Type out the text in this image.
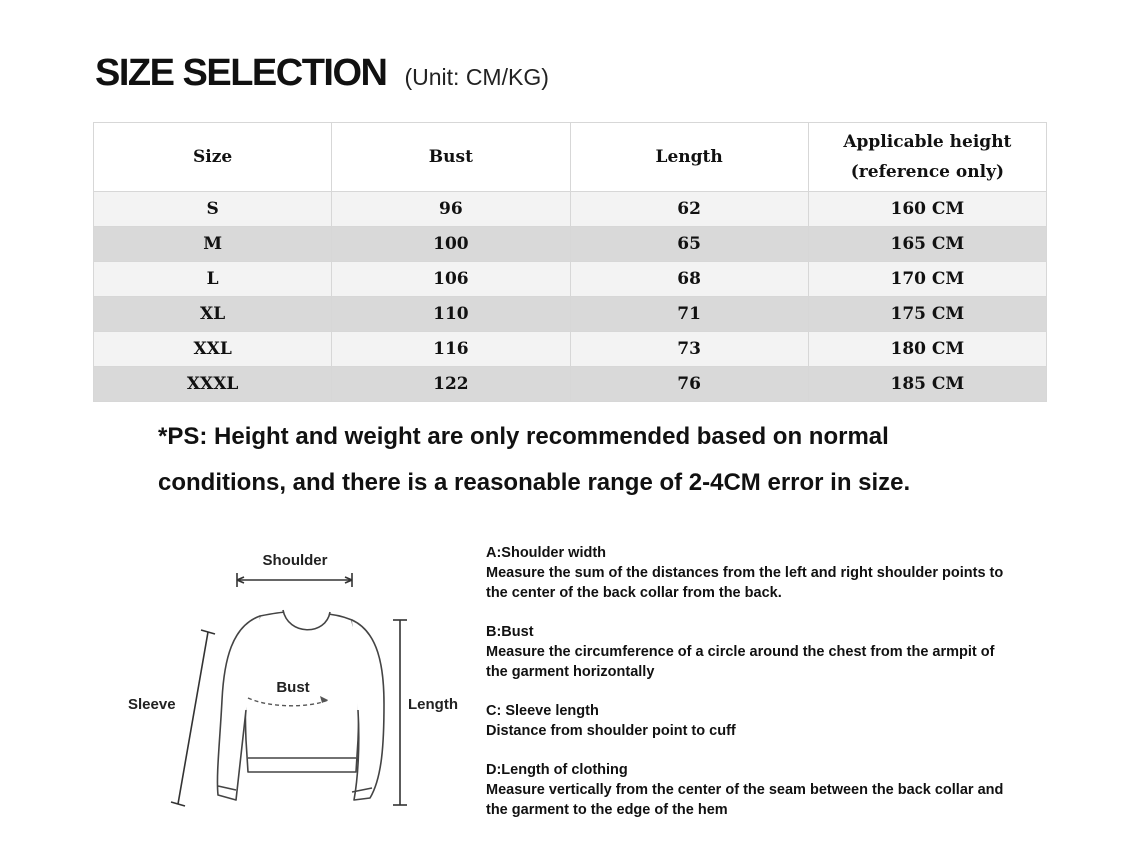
SIZE SELECTION (Unit: CM/KG)
Size	Bust	Length	Applicable height
(reference only)

S	96	62	160 CM
M	100	65	165 CM
L	106	68	170 CM
XL	110	71	175 CM
XXL	116	73	180 CM
XXXL	122	76	185 CM
*PS: Height and weight are only recommended based on normal
conditions, and there is a reasonable range of 2-4CM error in size.
Shoulder
Bust
Sleeve	Length
A:Shoulder width
Measure the sum of the distances from the left and right shoulder points to the center of the back collar from the back.
B:Bust
Measure the circumference of a circle around the chest from the armpit of the garment horizontally
C: Sleeve length
Distance from shoulder point to cuff
D:Length of clothing
Measure vertically from the center of the seam between the back collar and the garment to the edge of the hem
